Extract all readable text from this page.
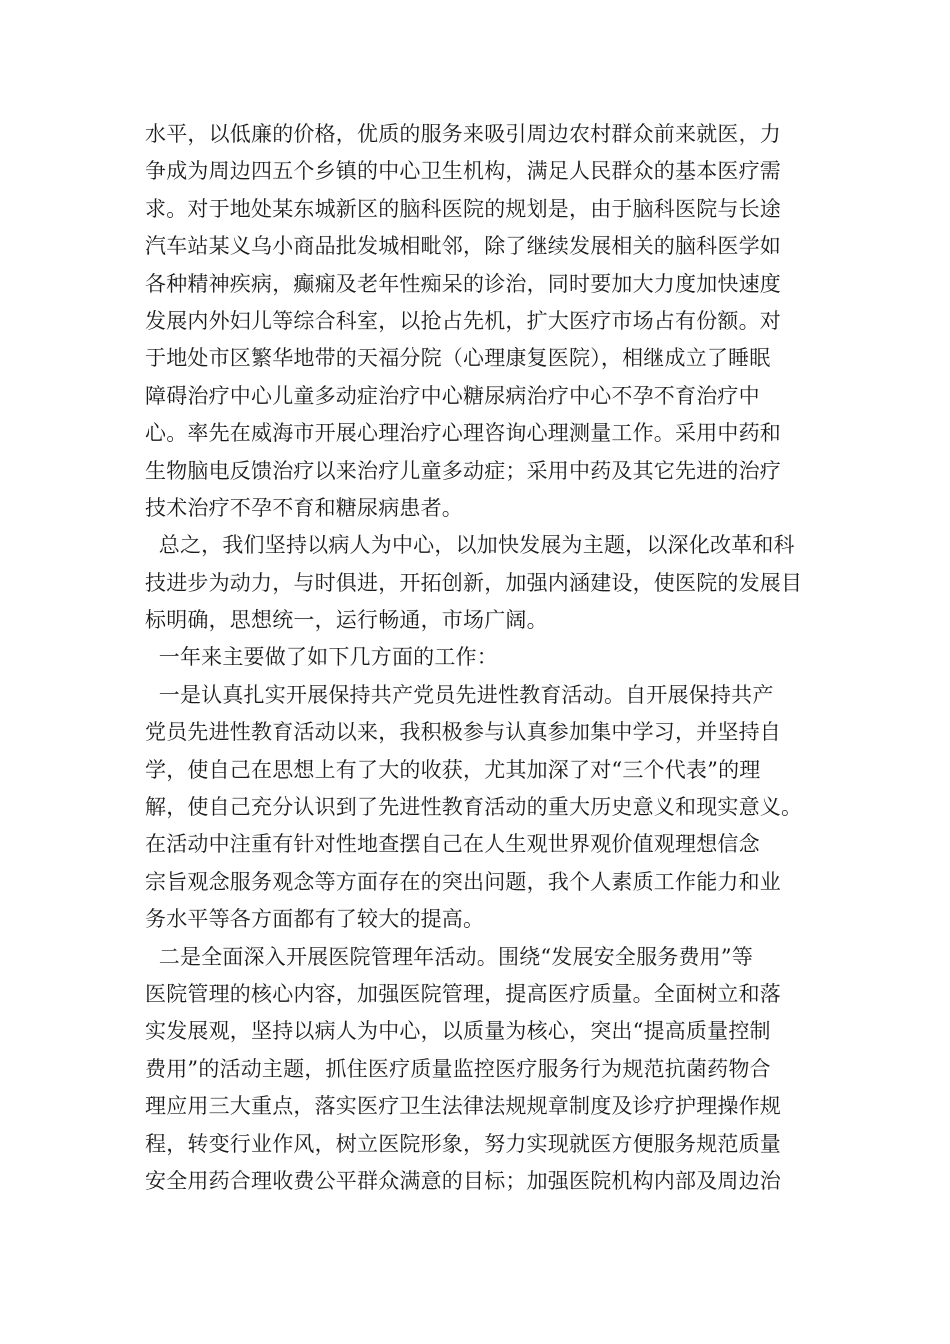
水平，以低廉的价格，优质的服务来吸引周边农村群众前来就医，力
争成为周边四五个乡镇的中心卫生机构，满足人民群众的基本医疗需
求。对于地处某东城新区的脑科医院的规划是，由于脑科医院与长途
汽车站某义乌小商品批发城相毗邻，除了继续发展相关的脑科医学如
各种精神疾病，癫痫及老年性痴呆的诊治，同时要加大力度加快速度
发展内外妇儿等综合科室，以抢占先机，扩大医疗市场占有份额。对
于地处市区繁华地带的天福分院（心理康复医院），相继成立了睡眠
障碍治疗中心儿童多动症治疗中心糖尿病治疗中心不孕不育治疗中
心。率先在威海市开展心理治疗心理咨询心理测量工作。采用中药和
生物脑电反馈治疗以来治疗儿童多动症；采用中药及其它先进的治疗
技术治疗不孕不育和糖尿病患者。
总之，我们坚持以病人为中心，以加快发展为主题，以深化改革和科
技进步为动力，与时俱进，开拓创新，加强内涵建设，使医院的发展目
标明确，思想统一，运行畅通，市场广阔。
一年来主要做了如下几方面的工作：
一是认真扎实开展保持共产党员先进性教育活动。自开展保持共产
党员先进性教育活动以来，我积极参与认真参加集中学习，并坚持自
学，使自己在思想上有了大的收获，尤其加深了对“三个代表”的理
解，使自己充分认识到了先进性教育活动的重大历史意义和现实意义。
在活动中注重有针对性地查摆自己在人生观世界观价值观理想信念
宗旨观念服务观念等方面存在的突出问题，我个人素质工作能力和业
务水平等各方面都有了较大的提高。
二是全面深入开展医院管理年活动。围绕“发展安全服务费用”等
医院管理的核心内容，加强医院管理，提高医疗质量。全面树立和落
实发展观，坚持以病人为中心，以质量为核心，突出“提高质量控制
费用”的活动主题，抓住医疗质量监控医疗服务行为规范抗菌药物合
理应用三大重点，落实医疗卫生法律法规规章制度及诊疗护理操作规
程，转变行业作风，树立医院形象，努力实现就医方便服务规范质量
安全用药合理收费公平群众满意的目标；加强医院机构内部及周边治
